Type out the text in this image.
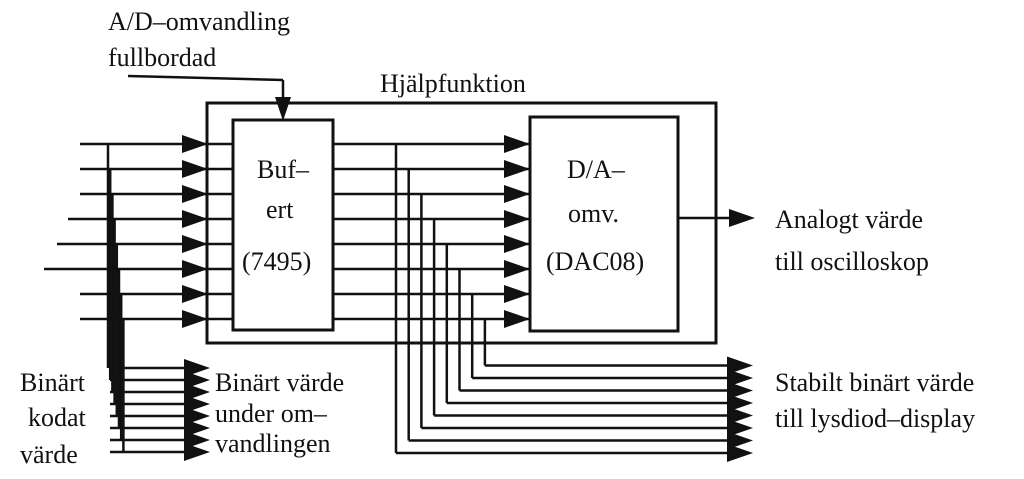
A/D–omvandling
fullbordad
Hjälpfunktion
Buf–
ert
(7495)
D/A–
omv.
(DAC08)
Analogt värde
till oscilloskop
Binärt
kodat
värde
Binärt värde
under om–
vandlingen
Stabilt binärt värde
till lysdiod–display
